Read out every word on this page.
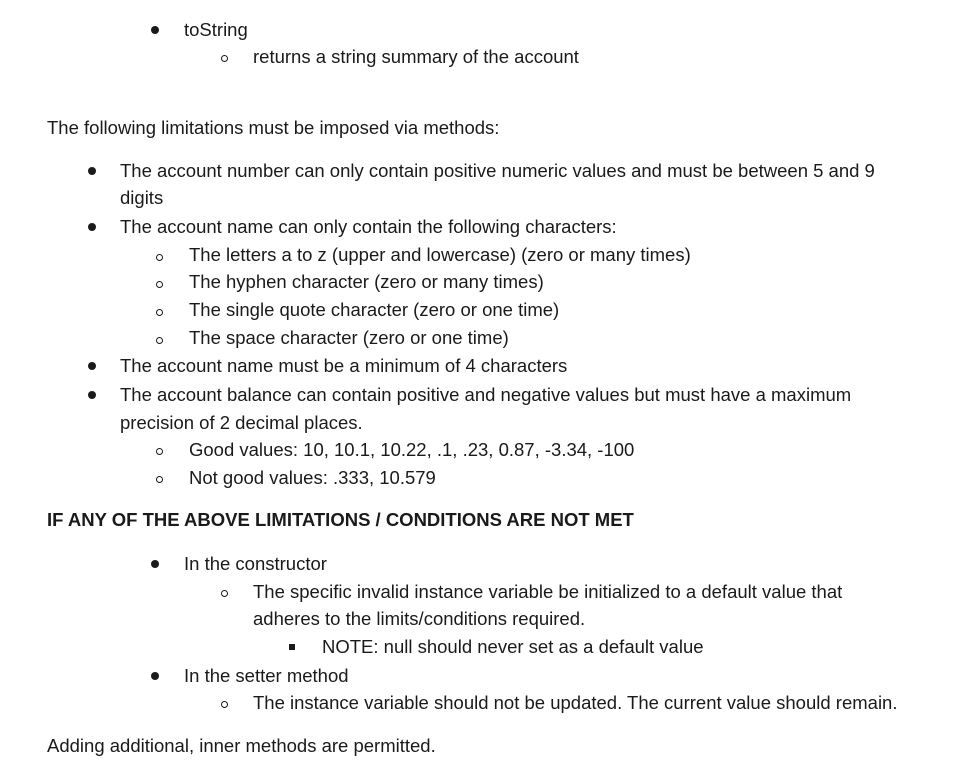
toString
returns a string summary of the account
The following limitations must be imposed via methods:
The account number can only contain positive numeric values and must be between 5 and 9
digits
The account name can only contain the following characters:
The letters a to z (upper and lowercase) (zero or many times)
The hyphen character (zero or many times)
The single quote character (zero or one time)
The space character (zero or one time)
The account name must be a minimum of 4 characters
The account balance can contain positive and negative values but must have a maximum
precision of 2 decimal places.
Good values: 10, 10.1, 10.22, .1, .23, 0.87, -3.34, -100
Not good values: .333, 10.579
IF ANY OF THE ABOVE LIMITATIONS / CONDITIONS ARE NOT MET
In the constructor
The specific invalid instance variable be initialized to a default value that
adheres to the limits/conditions required.
NOTE: null should never set as a default value
In the setter method
The instance variable should not be updated. The current value should remain.
Adding additional, inner methods are permitted.
